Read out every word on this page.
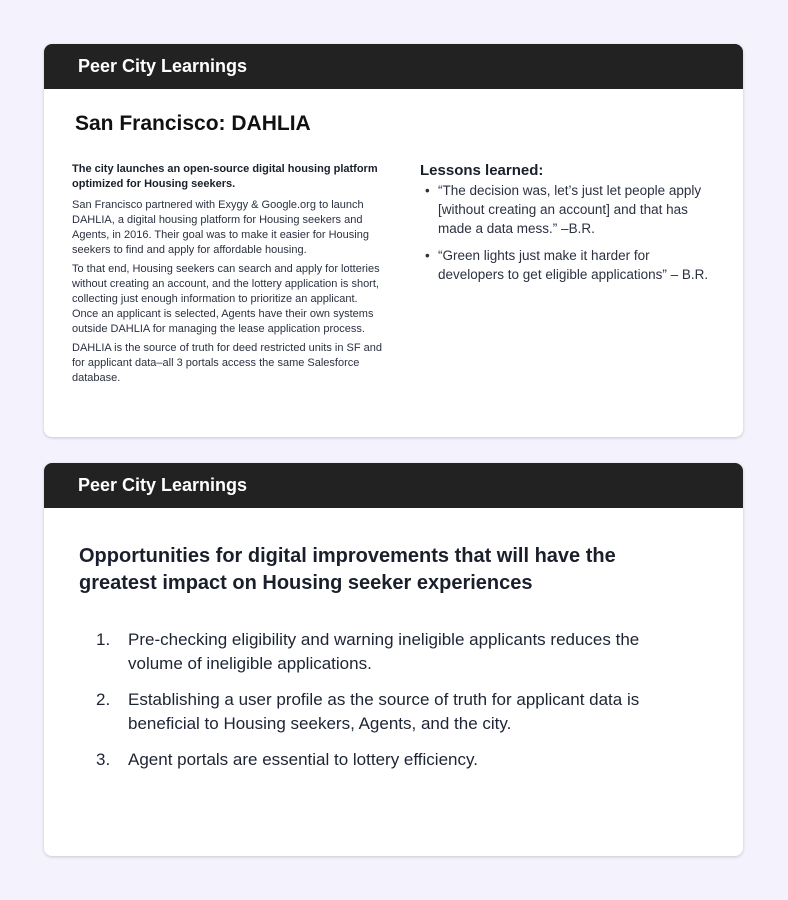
Peer City Learnings
San Francisco: DAHLIA

The city launches an open-source digital housing platform optimized for Housing seekers.

San Francisco partnered with Exygy & Google.org to launch DAHLIA, a digital housing platform for Housing seekers and Agents, in 2016. Their goal was to make it easier for Housing seekers to find and apply for affordable housing.

To that end, Housing seekers can search and apply for lotteries without creating an account, and the lottery application is short, collecting just enough information to prioritize an applicant. Once an applicant is selected, Agents have their own systems outside DAHLIA for managing the lease application process.

DAHLIA is the source of truth for deed restricted units in SF and for applicant data–all 3 portals access the same Salesforce database.

Lessons learned:

• “The decision was, let’s just let people apply [without creating an account] and that has made a data mess.” –B.R.
• “Green lights just make it harder for developers to get eligible applications” – B.R.
Peer City Learnings
Opportunities for digital improvements that will have the greatest impact on Housing seeker experiences
1.	Pre-checking eligibility and warning ineligible applicants reduces the volume of ineligible applications.
2.	Establishing a user profile as the source of truth for applicant data is beneficial to Housing seekers, Agents, and the city.
3.	Agent portals are essential to lottery efficiency.
